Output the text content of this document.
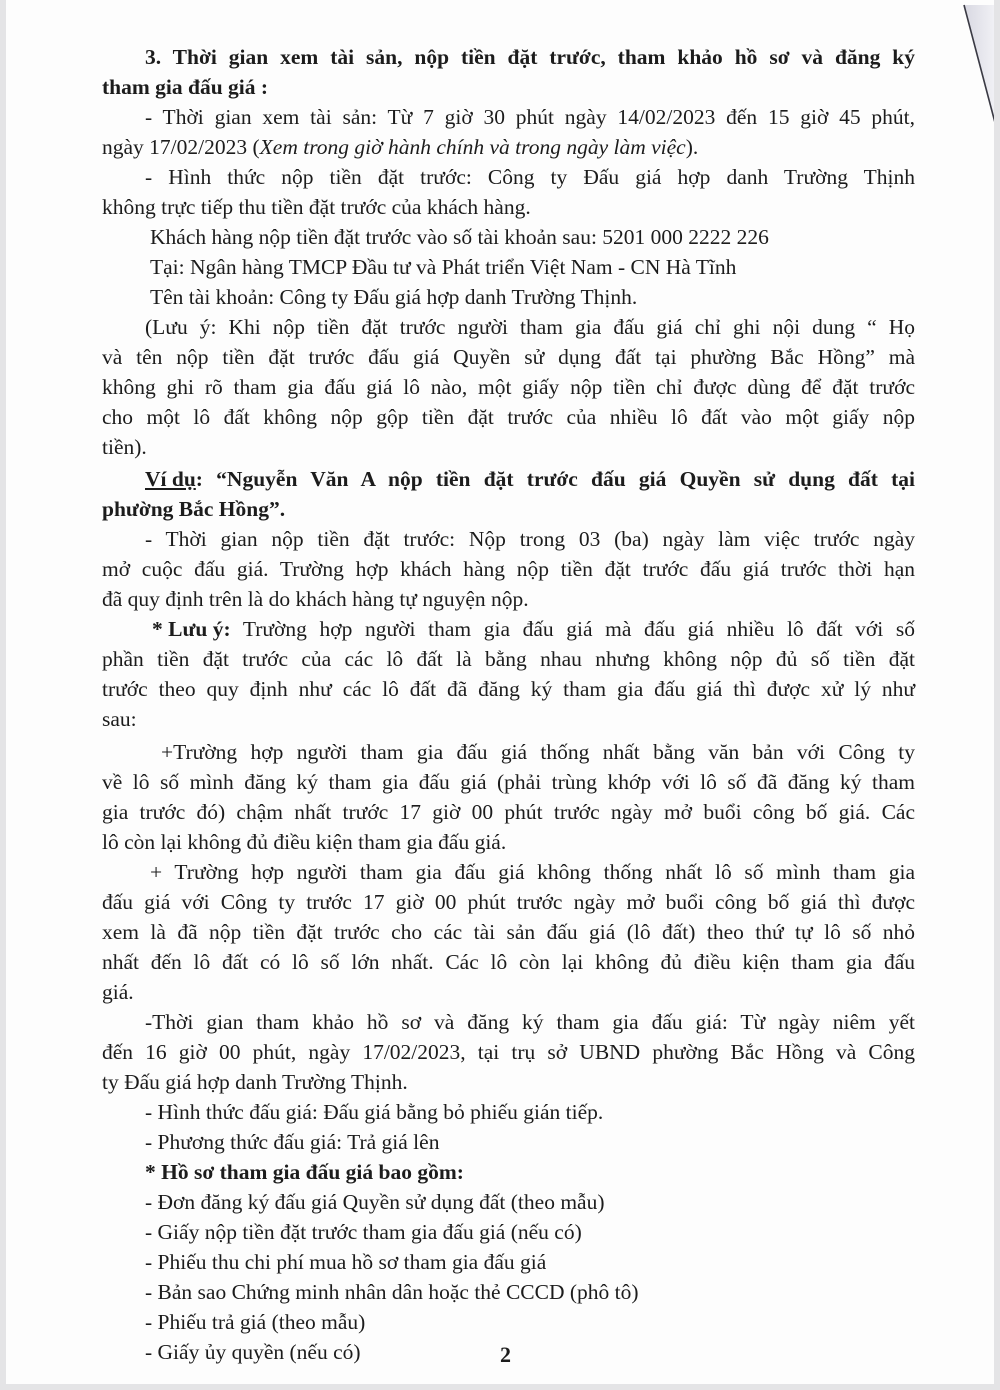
3. Thời gian xem tài sản, nộp tiền đặt trước, tham khảo hồ sơ và đăng ký
tham gia đấu giá :
- Thời gian xem tài sản: Từ 7 giờ 30 phút ngày 14/02/2023 đến 15 giờ 45 phút,
ngày 17/02/2023 (Xem trong giờ hành chính và trong ngày làm việc).
- Hình thức nộp tiền đặt trước: Công ty Đấu giá hợp danh Trường Thịnh
không trực tiếp thu tiền đặt trước của khách hàng.
Khách hàng nộp tiền đặt trước vào số tài khoản sau: 5201 000 2222 226
Tại: Ngân hàng TMCP Đầu tư và Phát triển Việt Nam - CN Hà Tĩnh
Tên tài khoản: Công ty Đấu giá hợp danh Trường Thịnh.
(Lưu ý: Khi nộp tiền đặt trước người tham gia đấu giá chỉ ghi nội dung “ Họ
và tên nộp tiền đặt trước đấu giá Quyền sử dụng đất tại phường Bắc Hồng” mà
không ghi rõ tham gia đấu giá lô nào, một giấy nộp tiền chỉ được dùng để đặt trước
cho một lô đất không nộp gộp tiền đặt trước của nhiều lô đất vào một giấy nộp
tiền).
Ví dụ : “Nguyễn Văn A nộp tiền đặt trước đấu giá Quyền sử dụng đất tại
phường Bắc Hồng”.
- Thời gian nộp tiền đặt trước: Nộp trong 03 (ba) ngày làm việc trước ngày
mở cuộc đấu giá. Trường hợp khách hàng nộp tiền đặt trước đấu giá trước thời hạn
đã quy định trên là do khách hàng tự nguyện nộp.
* Lưu ý: Trường hợp người tham gia đấu giá mà đấu giá nhiều lô đất với số
phần tiền đặt trước của các lô đất là bằng nhau nhưng không nộp đủ số tiền đặt
trước theo quy định như các lô đất đã đăng ký tham gia đấu giá thì được xử lý như
sau:
+Trường hợp người tham gia đấu giá thống nhất bằng văn bản với Công ty
về lô số mình đăng ký tham gia đấu giá (phải trùng khớp với lô số đã đăng ký tham
gia trước đó) chậm nhất trước 17 giờ 00 phút trước ngày mở buổi công bố giá. Các
lô còn lại không đủ điều kiện tham gia đấu giá.
+ Trường hợp người tham gia đấu giá không thống nhất lô số mình tham gia
đấu giá với Công ty trước 17 giờ 00 phút trước ngày mở buổi công bố giá thì được
xem là đã nộp tiền đặt trước cho các tài sản đấu giá (lô đất) theo thứ tự lô số nhỏ
nhất đến lô đất có lô số lớn nhất. Các lô còn lại không đủ điều kiện tham gia đấu
giá.
-Thời gian tham khảo hồ sơ và đăng ký tham gia đấu giá: Từ ngày niêm yết
đến 16 giờ 00 phút, ngày 17/02/2023, tại trụ sở UBND phường Bắc Hồng và Công
ty Đấu giá hợp danh Trường Thịnh.
- Hình thức đấu giá: Đấu giá bằng bỏ phiếu gián tiếp.
- Phương thức đấu giá: Trả giá lên
* Hồ sơ tham gia đấu giá bao gồm:
- Đơn đăng ký đấu giá Quyền sử dụng đất (theo mẫu)
- Giấy nộp tiền đặt trước tham gia đấu giá (nếu có)
- Phiếu thu chi phí mua hồ sơ tham gia đấu giá
- Bản sao Chứng minh nhân dân hoặc thẻ CCCD (phô tô)
- Phiếu trả giá (theo mẫu)
- Giấy ủy quyền (nếu có)	2
